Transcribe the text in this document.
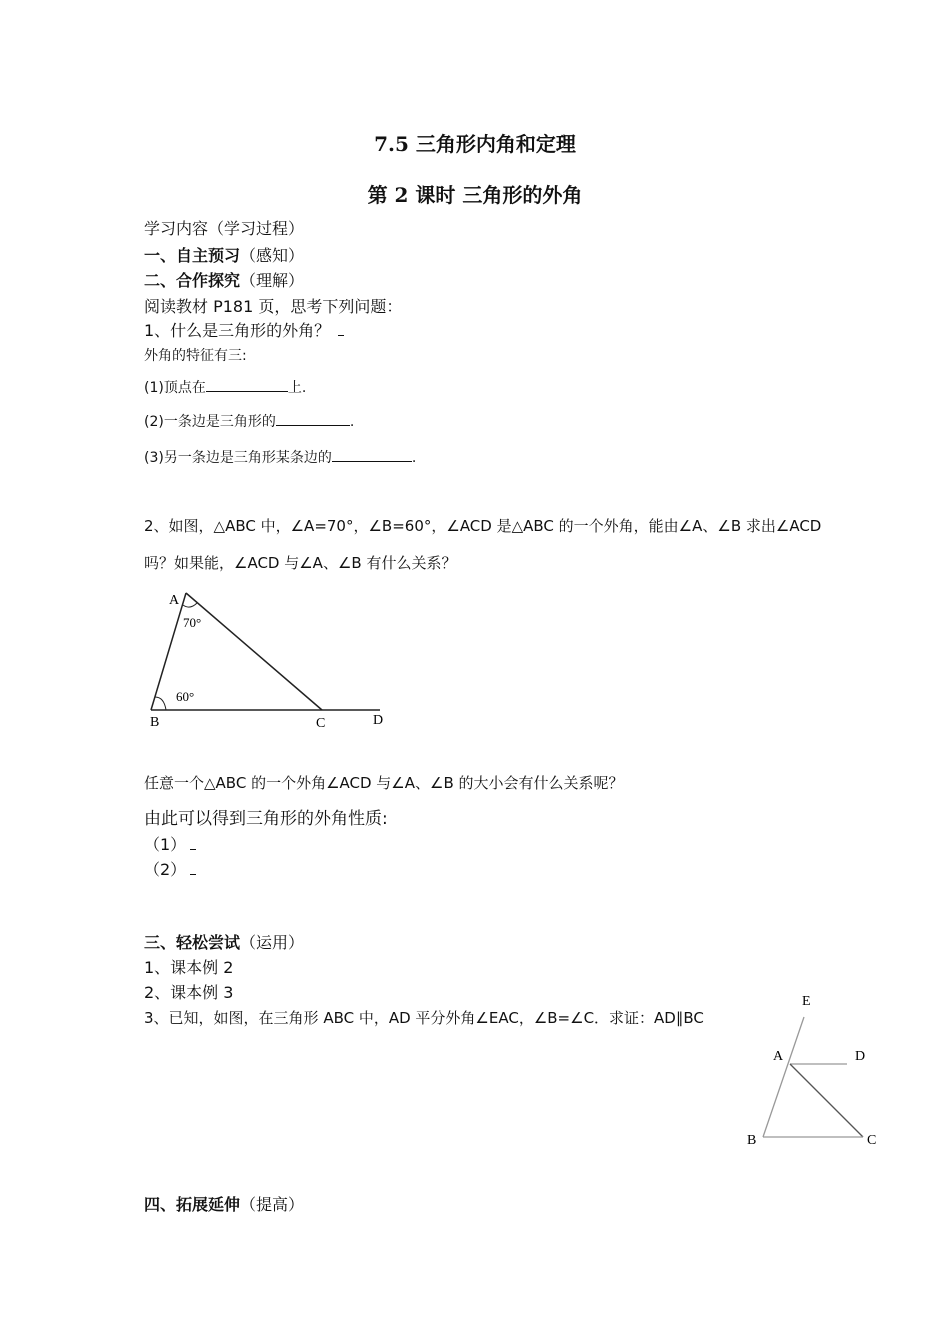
7.5 三角形内角和定理
第 2 课时 三角形的外角
学习内容（学习过程）
一、自主预习（感知）
二、合作探究（理解）
阅读教材 P181 页，思考下列问题：
1、什么是三角形的外角？
外角的特征有三:
(1)顶点在	上.
(2)一条边是三角形的	.
(3)另一条边是三角形某条边的	.
2、如图，△ABC 中，∠A=70°，∠B=60°，∠ACD 是△ABC 的一个外角，能由∠A、∠B 求出∠ACD
吗？如果能，∠ACD 与∠A、∠B 有什么关系？
A
B	C	D
70°
60°
任意一个△ABC 的一个外角∠ACD 与∠A、∠B 的大小会有什么关系呢？
由此可以得到三角形的外角性质:
（1）
（2）
三、轻松尝试（运用）
1、课本例 2
2、课本例 3
3、已知，如图，在三角形 ABC 中，AD 平分外角∠EAC，∠B=∠C．求证：AD∥BC
E
A	D
B	C
四、拓展延伸（提高）
